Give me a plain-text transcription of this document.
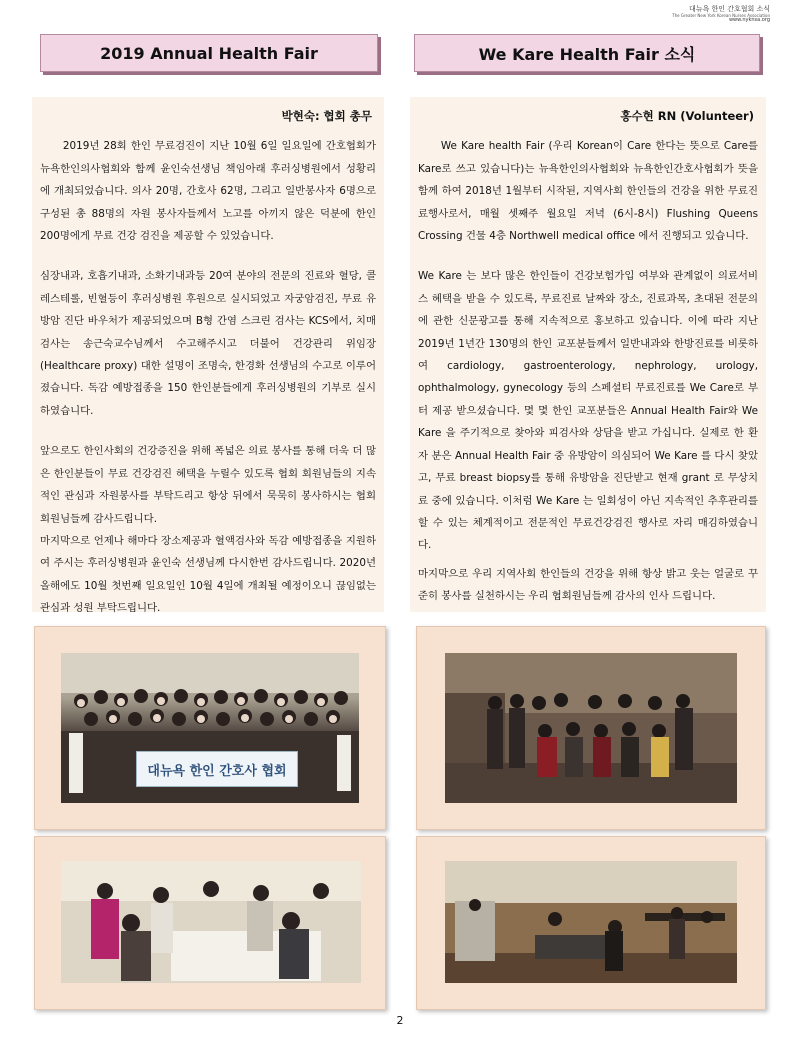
대뉴욕 한인 간호협회 소식
The Greater New York Korean Nurses Association
www.nyknsa.org
2019 Annual Health Fair	We Kare Health Fair 소식
박현숙: 협회 총무

2019년 28회 한인 무료검진이 지난 10월 6일 일요일에 간호협회가 뉴욕한인의사협회와 함께 윤인숙선생님 책임아래 후러싱병원에서 성황리에 개최되었습니다. 의사 20명, 간호사 62명, 그리고 일반봉사자 6명으로 구성된 총 88명의 자원 봉사자들께서 노고를 아끼지 않은 덕분에 한인 200명에게 무료 건강 검진을 제공할 수 있었습니다.

심장내과, 호흡기내과, 소화기내과등 20여 분야의 전문의 진료와 혈당, 콜레스테롤, 빈혈등이 후러싱병원 후원으로 실시되었고 자궁암검진, 무료 유방암 진단 바우처가 제공되었으며 B형 간염 스크린 검사는 KCS에서, 치매검사는 송근숙교수님께서 수고해주시고 더불어 건강관리 위임장 (Healthcare proxy) 대한 설명이 조명숙, 한경화 선생님의 수고로 이루어졌습니다. 독감 예방접종을 150 한인분들에게 후러싱병원의 기부로 실시하였습니다.

앞으로도 한인사회의 건강증진을 위해 폭넓은 의료 봉사를 통해 더욱 더 많은 한인분들이 무료 건강검진 혜택을 누릴수 있도록 협회 회원님들의 지속적인 관심과 자원봉사를 부탁드리고 항상 뒤에서 묵묵히 봉사하시는 협회 회원님들께 감사드립니다.

마지막으로 언제나 해마다 장소제공과 혈액검사와 독감 예방접종을 지원하여 주시는 후러싱병원과 윤인숙 선생님께 다시한번 감사드립니다. 2020년 올해에도 10월 첫번째 일요일인 10월 4일에 개최될 예정이오니 끊임없는 관심과 성원 부탁드립니다.

홍수현 RN (Volunteer)

We Kare health Fair (우리 Korean이 Care 한다는 뜻으로 Care를 Kare로 쓰고 있습니다)는 뉴욕한인의사협회와 뉴욕한인간호사협회가 뜻을 함께 하여 2018년 1월부터 시작된, 지역사회 한인들의 건강을 위한 무료진료행사로서, 매월 셋째주 월요일 저녁 (6시-8시) Flushing Queens Crossing 건물 4층 Northwell medical office 에서 진행되고 있습니다.

We Kare 는 보다 많은 한인들이 건강보험가입 여부와 관계없이 의료서비스 혜택을 받을 수 있도록, 무료진료 날짜와 장소, 진료과목, 초대된 전문의에 관한 신문광고를 통해 지속적으로 홍보하고 있습니다. 이에 따라 지난 2019년 1년간 130명의 한인 교포분들께서 일반내과와 한방진료를 비롯하여 cardiology, gastroenterology, nephrology, urology, ophthalmology, gynecology 등의 스페셜티 무료진료를 We Care로 부터 제공 받으셨습니다. 몇 몇 한인 교포분들은 Annual Health Fair와 We Kare 을 주기적으로 찾아와 피검사와 상담을 받고 가십니다. 실제로 한 환자 분은 Annual Health Fair 중 유방암이 의심되어 We Kare 를 다시 찾았고, 무료 breast biopsy를 통해 유방암을 진단받고 현재 grant 로 무상치료 중에 있습니다. 이처럼 We Kare 는 일회성이 아닌 지속적인 추후관리를 할 수 있는 체계적이고 전문적인 무료건강검진 행사로 자리 매김하였습니다.

마지막으로 우리 지역사회 한인들의 건강을 위해 항상 밝고 웃는 얼굴로 꾸준히 봉사를 실천하시는 우리 협회원님들께 감사의 인사 드립니다.

대뉴욕 한인 간호사 협회
2
